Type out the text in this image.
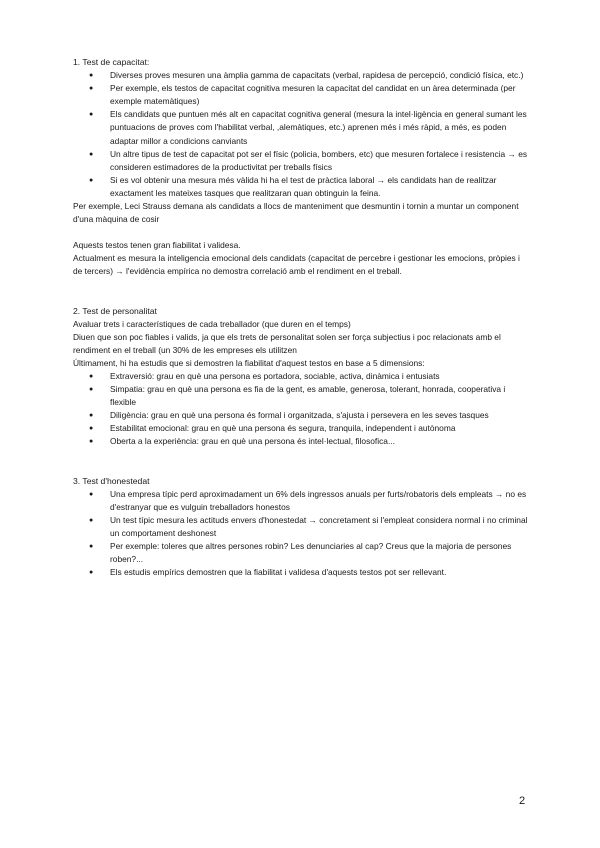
1. Test de capacitat:

● Diverses proves mesuren una àmplia gamma de capacitats (verbal, rapidesa de percepció, condició física, etc.)
● Per exemple, els testos de capacitat cognitiva mesuren la capacitat del candidat en un àrea determinada (per exemple matemàtiques)
● Els candidats que puntuen més alt en capacitat cognitiva general (mesura la intel·ligència en general sumant les puntuacions de proves com l'habilitat verbal, ,alemàtiques, etc.) aprenen més i més ràpid, a més, es poden adaptar millor a condicions canviants
● Un altre tipus de test de capacitat pot ser el físic (policia, bombers, etc) que mesuren fortalece i resistencia → es consideren estimadores de la productivitat per treballs físics
● Si es vol obtenir una mesura més vàlida hi ha el test de pràctica laboral → els candidats han de realitzar exactament les mateixes tasques que realitzaran quan obtinguin la feina.

Per exemple, Leci Strauss demana als candidats a llocs de manteniment que desmuntin i tornin a muntar un component d'una màquina de cosir

Aquests testos tenen gran fiabilitat i validesa.

Actualment es mesura la inteligencia emocional dels candidats (capacitat de percebre i gestionar les emocions, pròpies i de tercers) → l'evidència empírica no demostra correlació amb el rendiment en el treball.

2. Test de personalitat

Avaluar trets i característiques de cada treballador (que duren en el temps)

Diuen que son poc fiables i valids, ja que els trets de personalitat solen ser força subjectius i poc relacionats amb el rendiment en el treball (un 30% de les empreses els utilitzen

Últimament, hi ha estudis que si demostren la fiabilitat d'aquest testos en base a 5 dimensions:

● Extraversió: grau en què una persona es portadora, sociable, activa, dinàmica i entusiats
● Simpatia: grau en què una persona es fia de la gent, es amable, generosa, tolerant, honrada, cooperativa i flexible
● Diligència: grau en què una persona és formal i organitzada, s'ajusta i persevera en les seves tasques
● Estabilitat emocional: grau en què una persona és segura, tranquila, independent i autònoma
● Oberta a la experiència: grau en què una persona és intel·lectual, filosofica...

3. Test d'honestedat

● Una empresa típic perd aproximadament un 6% dels ingressos anuals per furts/robatoris dels empleats → no es d'estranyar que es vulguin treballadors honestos
● Un test típic mesura les actituds envers d'honestedat → concretament si l'empleat considera normal i no criminal un comportament deshonest
● Per exemple: toleres que altres persones robin? Les denunciaries al cap? Creus que la majoria de persones roben?...
● Els estudis empírics demostren que la fiabilitat i validesa d'aquests testos pot ser rellevant.
2
